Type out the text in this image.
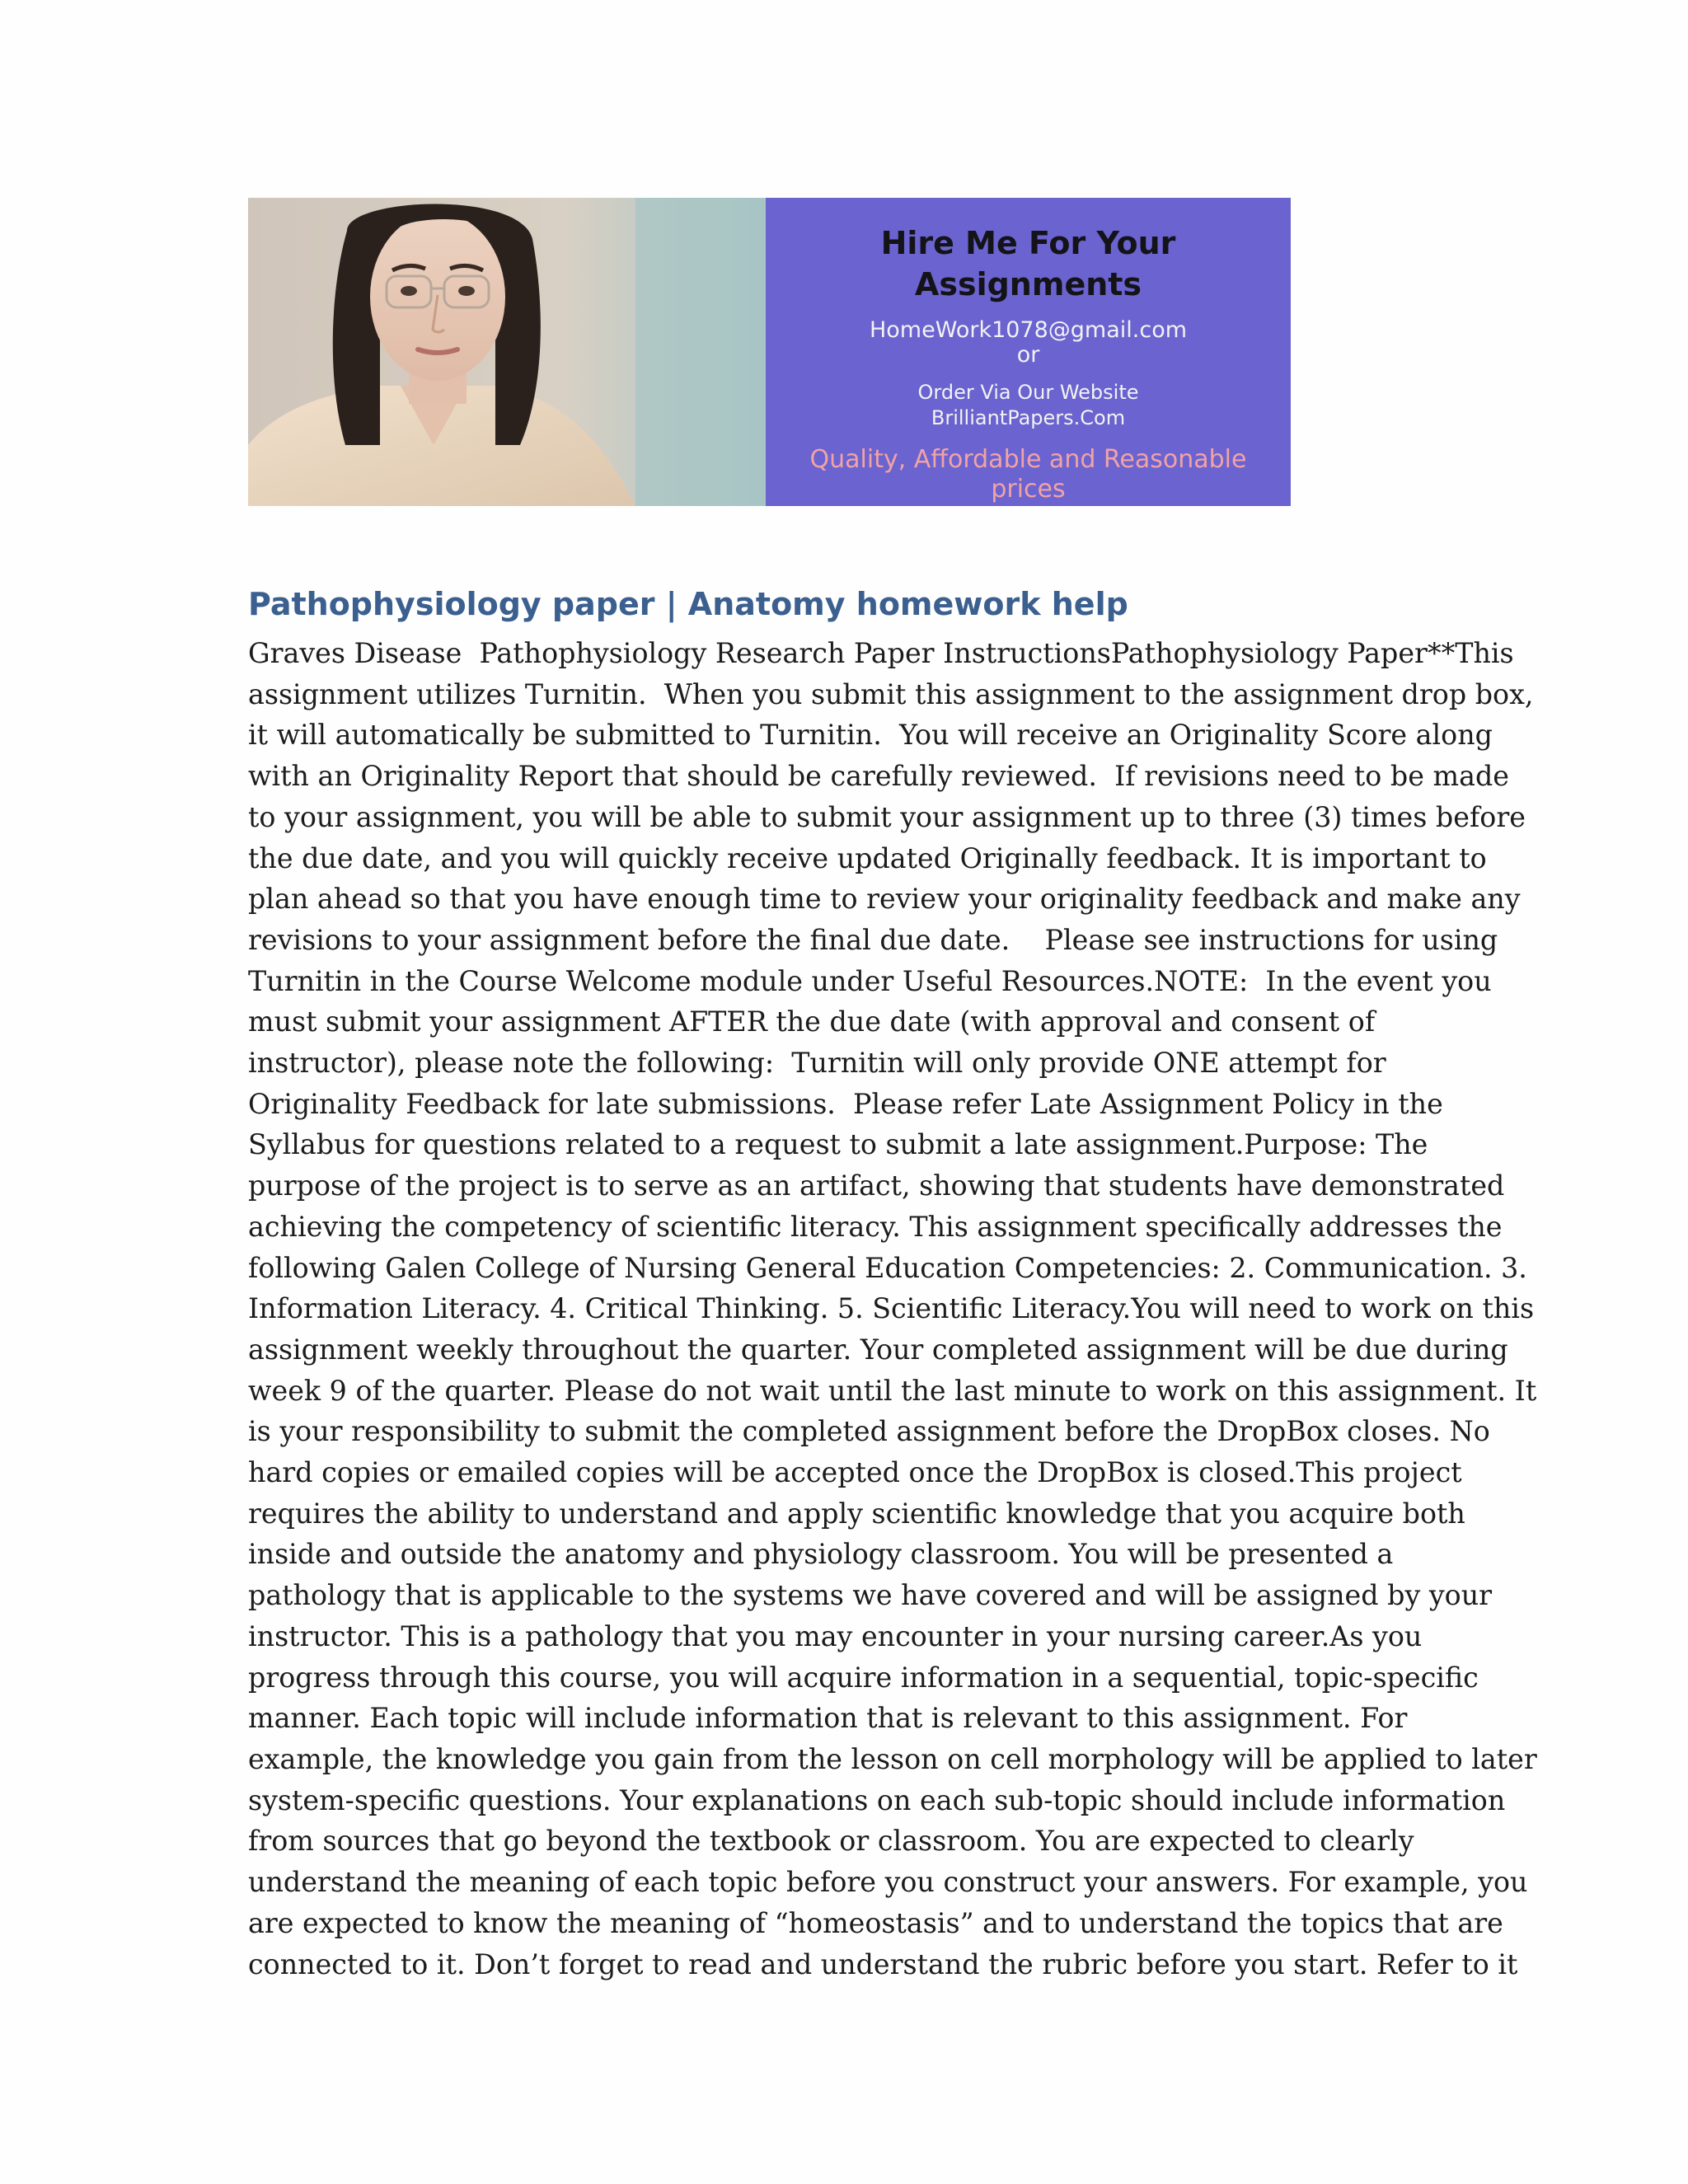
Hire Me For Your Assignments
HomeWork1078@gmail.com
or
Order Via Our Website
BrilliantPapers.Com
Quality, Affordable and Reasonable prices
Pathophysiology paper | Anatomy homework help

Graves Disease  Pathophysiology Research Paper InstructionsPathophysiology Paper**This
assignment utilizes Turnitin.  When you submit this assignment to the assignment drop box,
it will automatically be submitted to Turnitin.  You will receive an Originality Score along
with an Originality Report that should be carefully reviewed.  If revisions need to be made
to your assignment, you will be able to submit your assignment up to three (3) times before
the due date, and you will quickly receive updated Originally feedback. It is important to
plan ahead so that you have enough time to review your originality feedback and make any
revisions to your assignment before the final due date.    Please see instructions for using
Turnitin in the Course Welcome module under Useful Resources.NOTE:  In the event you
must submit your assignment AFTER the due date (with approval and consent of
instructor), please note the following:  Turnitin will only provide ONE attempt for
Originality Feedback for late submissions.  Please refer Late Assignment Policy in the
Syllabus for questions related to a request to submit a late assignment.Purpose: The
purpose of the project is to serve as an artifact, showing that students have demonstrated
achieving the competency of scientific literacy. This assignment specifically addresses the
following Galen College of Nursing General Education Competencies: 2. Communication. 3.
Information Literacy. 4. Critical Thinking. 5. Scientific Literacy.You will need to work on this
assignment weekly throughout the quarter. Your completed assignment will be due during
week 9 of the quarter. Please do not wait until the last minute to work on this assignment. It
is your responsibility to submit the completed assignment before the DropBox closes. No
hard copies or emailed copies will be accepted once the DropBox is closed.This project
requires the ability to understand and apply scientific knowledge that you acquire both
inside and outside the anatomy and physiology classroom. You will be presented a
pathology that is applicable to the systems we have covered and will be assigned by your
instructor. This is a pathology that you may encounter in your nursing career.As you
progress through this course, you will acquire information in a sequential, topic-specific
manner. Each topic will include information that is relevant to this assignment. For
example, the knowledge you gain from the lesson on cell morphology will be applied to later
system-specific questions. Your explanations on each sub-topic should include information
from sources that go beyond the textbook or classroom. You are expected to clearly
understand the meaning of each topic before you construct your answers. For example, you
are expected to know the meaning of “homeostasis” and to understand the topics that are
connected to it. Don’t forget to read and understand the rubric before you start. Refer to it
